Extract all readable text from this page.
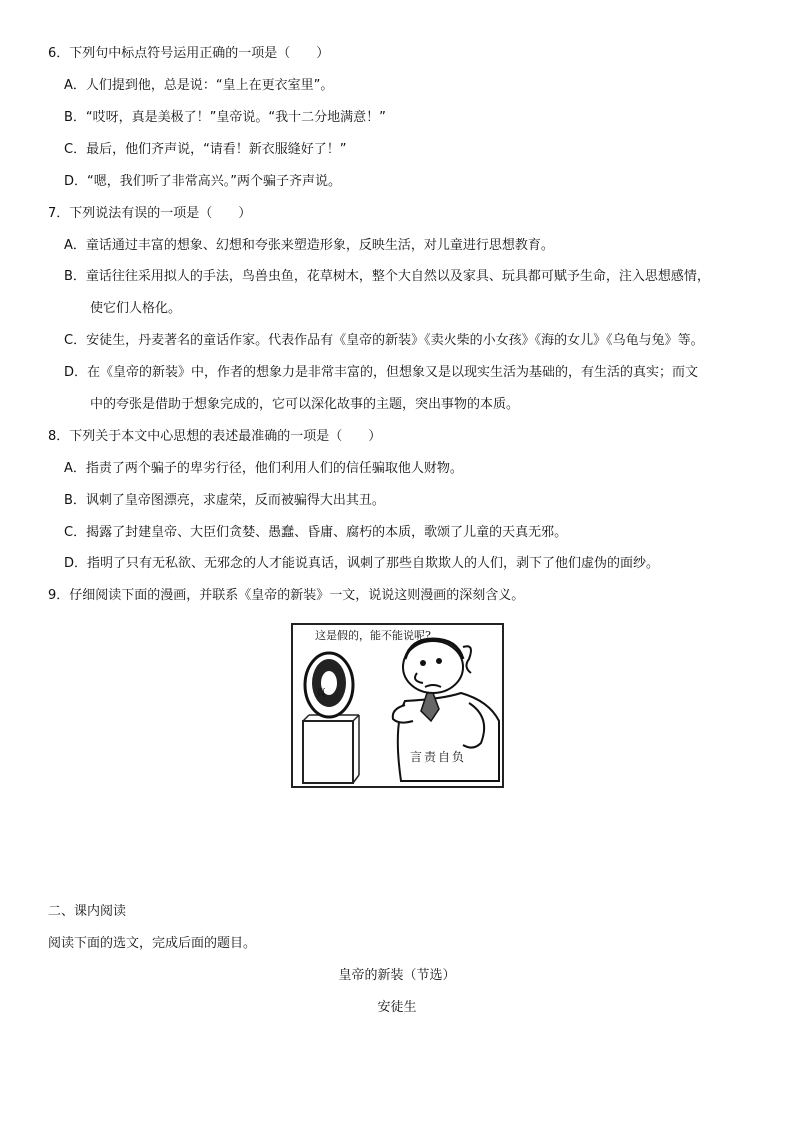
6．下列句中标点符号运用正确的一项是（　　）
A．人们提到他，总是说：“皇上在更衣室里”。
B．“哎呀，真是美极了！”皇帝说。“我十二分地满意！”
C．最后，他们齐声说，“请看！新衣服缝好了！”
D．“嗯，我们听了非常高兴。”两个骗子齐声说。
7．下列说法有误的一项是（　　）
A．童话通过丰富的想象、幻想和夸张来塑造形象，反映生活，对儿童进行思想教育。
B．童话往往采用拟人的手法，鸟兽虫鱼，花草树木，整个大自然以及家具、玩具都可赋予生命，注入思想感情，
使它们人格化。
C．安徒生，丹麦著名的童话作家。代表作品有《皇帝的新装》《卖火柴的小女孩》《海的女儿》《乌龟与兔》等。
D．在《皇帝的新装》中，作者的想象力是非常丰富的，但想象又是以现实生活为基础的，有生活的真实；而文
中的夸张是借助于想象完成的，它可以深化故事的主题，突出事物的本质。
8．下列关于本文中心思想的表述最准确的一项是（　　）
A．指责了两个骗子的卑劣行径，他们利用人们的信任骗取他人财物。
B．讽刺了皇帝图漂亮，求虚荣，反而被骗得大出其丑。
C．揭露了封建皇帝、大臣们贪婪、愚蠢、昏庸、腐朽的本质，歌颂了儿童的天真无邪。
D．指明了只有无私欲、无邪念的人才能说真话，讽刺了那些自欺欺人的人们，剥下了他们虚伪的面纱。
9．仔细阅读下面的漫画，并联系《皇帝的新装》一文，说说这则漫画的深刻含义。
这是假的，能不能说呢?
真
言责自负
二、课内阅读
阅读下面的选文，完成后面的题目。
皇帝的新装（节选）
安徒生
